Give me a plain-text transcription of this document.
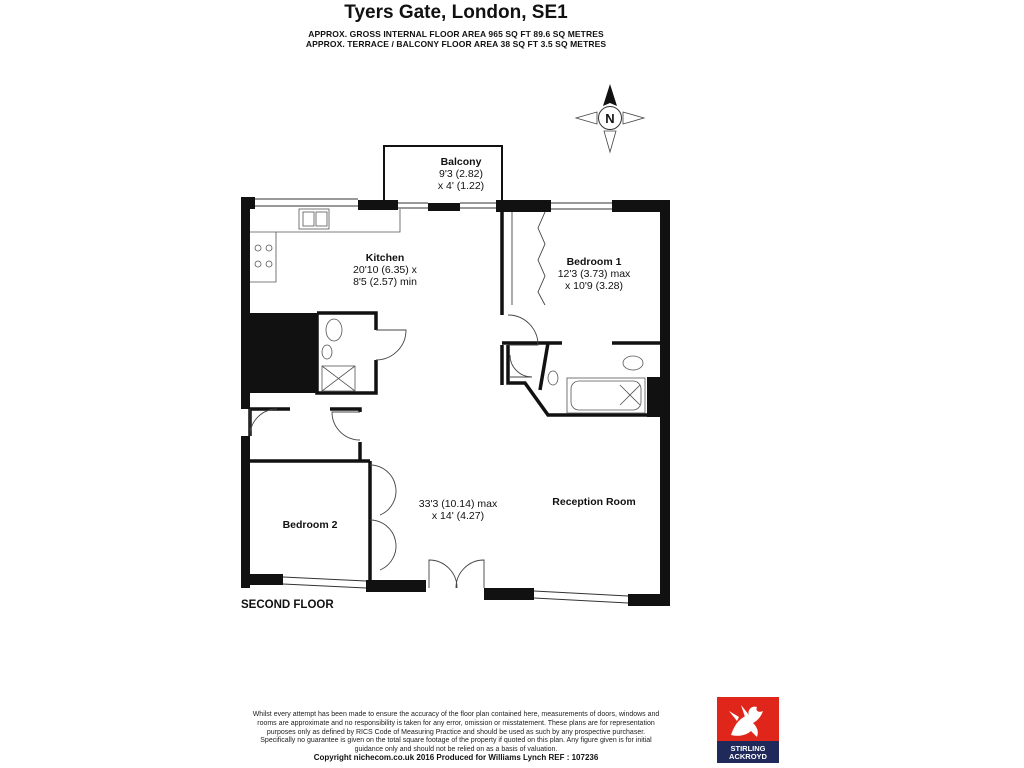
Tyers Gate, London, SE1
APPROX. GROSS INTERNAL FLOOR AREA 965 SQ FT 89.6 SQ METRES
APPROX. TERRACE / BALCONY FLOOR AREA 38 SQ FT 3.5 SQ METRES
N
Balcony
9'3 (2.82)
x 4' (1.22)
Kitchen
20'10 (6.35) x
8'5 (2.57) min
Bedroom 1
12'3 (3.73) max
x 10'9 (3.28)
Reception Room
33'3 (10.14) max
x 14' (4.27)
Bedroom 2
SECOND FLOOR
Whilst every attempt has been made to ensure the accuracy of the floor plan contained here, measurements of doors, windows and rooms are approximate and no responsibility is taken for any error, omission or misstatement. These plans are for representation purposes only as defined by RICS Code of Measuring Practice and should be used as such by any prospective purchaser. Specifically no guarantee is given on the total square footage of the property if quoted on this plan. Any figure given is for initial guidance only and should not be relied on as a basis of valuation.
Copyright nichecom.co.uk 2016 Produced for Williams Lynch REF : 107236
STIRLING
ACKROYD
